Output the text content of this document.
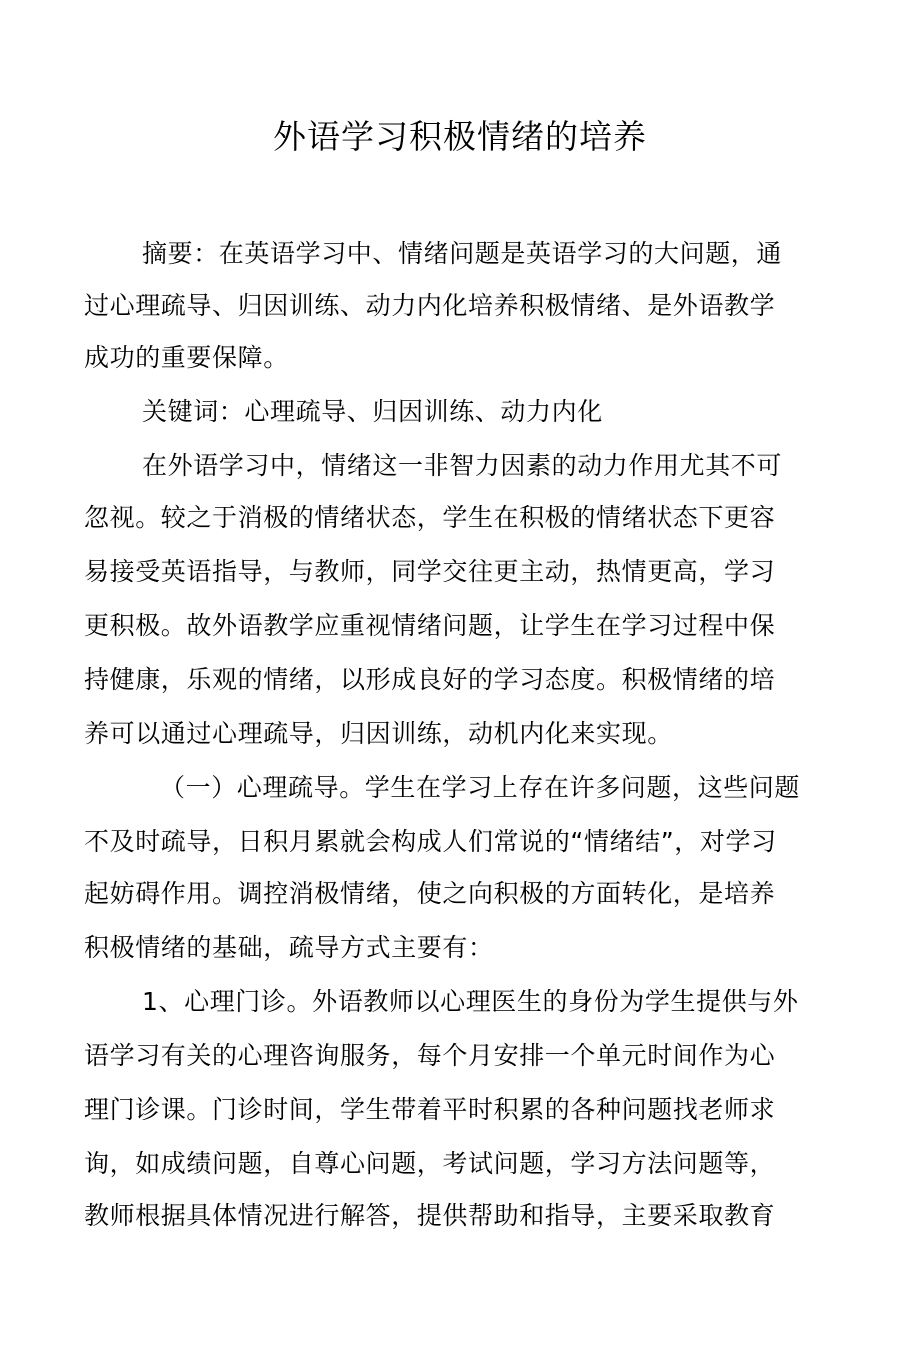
外语学习积极情绪的培养
摘要：在英语学习中、情绪问题是英语学习的大问题，通
过心理疏导、归因训练、动力内化培养积极情绪、是外语教学
成功的重要保障。
关键词：心理疏导、归因训练、动力内化
在外语学习中，情绪这一非智力因素的动力作用尤其不可
忽视。较之于消极的情绪状态，学生在积极的情绪状态下更容
易接受英语指导，与教师，同学交往更主动，热情更高，学习
更积极。故外语教学应重视情绪问题，让学生在学习过程中保
持健康，乐观的情绪，以形成良好的学习态度。积极情绪的培
养可以通过心理疏导，归因训练，动机内化来实现。
（一）心理疏导。学生在学习上存在许多问题，这些问题
不及时疏导，日积月累就会构成人们常说的“情绪结”，对学习
起妨碍作用。调控消极情绪，使之向积极的方面转化，是培养
积极情绪的基础，疏导方式主要有：
1、心理门诊。外语教师以心理医生的身份为学生提供与外
语学习有关的心理咨询服务，每个月安排一个单元时间作为心
理门诊课。门诊时间，学生带着平时积累的各种问题找老师求
询，如成绩问题，自尊心问题，考试问题，学习方法问题等，
教师根据具体情况进行解答，提供帮助和指导，主要采取教育
